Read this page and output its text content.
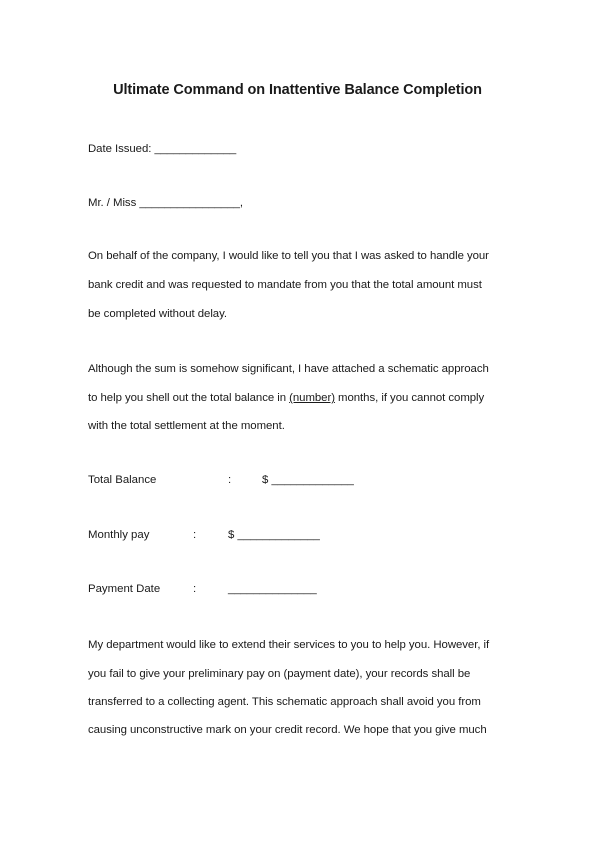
Ultimate Command on Inattentive Balance Completion
Date Issued: _____________
Mr. / Miss ________________,
On behalf of the company, I would like to tell you that I was asked to handle your
bank credit and was requested to mandate from you that the total amount must
be completed without delay.
Although the sum is somehow significant, I have attached a schematic approach
to help you shell out the total balance in (number) months, if you cannot comply
with the total settlement at the moment.
Total Balance	:	$ _____________
Monthly pay	:	$ _____________
Payment Date	:	______________
My department would like to extend their services to you to help you. However, if
you fail to give your preliminary pay on (payment date), your records shall be
transferred to a collecting agent. This schematic approach shall avoid you from
causing unconstructive mark on your credit record. We hope that you give much
